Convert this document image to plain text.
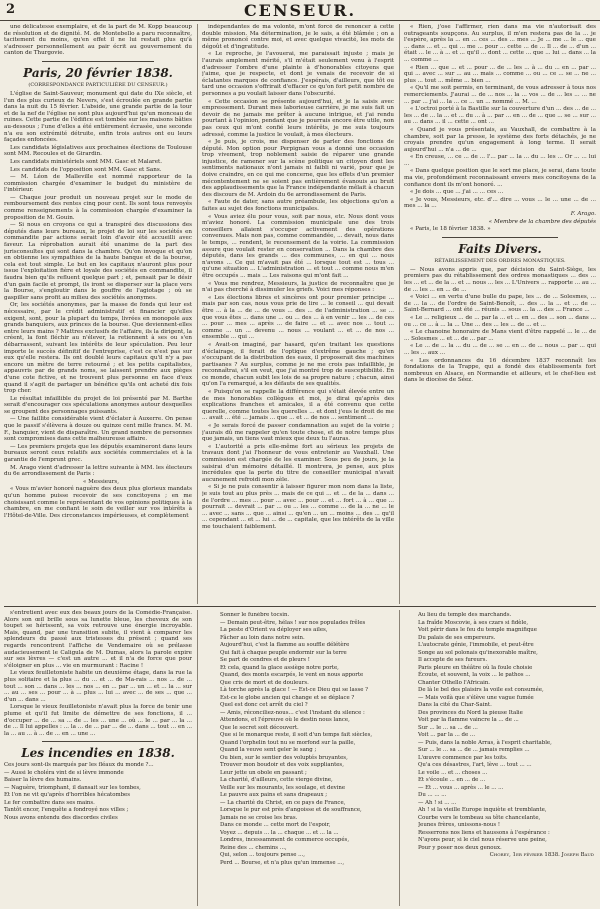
2	CENSEUR.

une délicatesse exemplaire, et de la part de M. Kopp beaucoup de résolution et de dignité. M. de Montebello a paru reconnaître, tacitement du moins, qu'en effet il ne lui restait plus qu'à s'adresser personnellement au pair écrit au gouvernement du canton de Thurgovie.

Paris, 20 février 1838.
(CORRESPONDANCE PARTICULIÈRE DU CENSEUR.)

L'église de Saint-Sauveur, monument qui date du IXe siècle, et l'un des plus curieux de Nevers, s'est écroulée en grande partie dans la nuit du 15 février. L'abside, une grande partie de la tour et de la nef de l'église ne sont plus aujourd'hui qu'un monceau de ruines. Cette partie de l'édifice est tombée sur les maisons bâties au-dessous ; l'une d'elles a été entièrement écrasée, une seconde n'a eu son extrémité détruite, enfin trois autres ont eu leurs façades enfoncées.

Les candidats législatives aux prochaines élections de Toulouse sont MM. Recoules et de Girardin.

Les candidats ministériels sont MM. Gasc et Malaret.

Les candidats de l'opposition sont MM. Gasc et Sans.

— M. Léon de Malleville est nommé rapporteur de la commission chargée d'examiner le budget du ministère de l'intérieur.

— Chaque jour produit un nouveau projet sur le mode de remboursement des rentes cinq pour cent. Ils sont tous renvoyés comme renseignements à la commission chargée d'examiner la proposition de M. Gouin.

— Si nous en croyons ce qui a transpiré des discussions des députés dans leurs bureaux, le projet de loi sur les sociétés en commandite par actions serait loin d'avoir été accueilli avec faveur. La réprobation aurait été unanime de la part des jurisconsultes qui sont dans la chambre. Qu'on invoque et qu'on en obtienne les sympathies de la haute banque et de la bourse, cela est tout simple. Le but en les capitaux n'auront plus pour issue l'exploitation fière et loyale des sociétés en commandite, il faudra bien qu'ils refluent quelque part ; et, pensait par le désir d'un gain facile et prompt, ils iront se disperser sur la place vers la Bourse, s'engloutir dans le gouffre de l'agiotage ; où se gaspiller sans profit au milieu des sociétés anonymes.

Or, les sociétés anonymes, par la masse de fonds qui leur est nécessaire, par le crédit administratif et financier qu'elles exigent, sont, pour la plupart du temps, livrées en monopole aux grands banquiers, aux princes de la bourse. Que deviennent-elles entre leurs mains ? Mattres exclusifs de l'affaire, ils la dirigent, la créent, la font fléchir au n'élever, la retiennent à ses ou s'en débarrassent, suivant les intérêts de leur spéculation. Peu leur importe le succès définitif de l'entreprise, c'est ce n'est pas sur eux qu'elle restera. Ils ont doublé leurs capitaux qu'il n'y a pas encore un mètre de terre retourné ; et les petits capitalistes, appauvris par de grands noms, se laissent prendre aux pièges d'une cote fictive, et ne trouvent plus personne en face d'eux quand il s'agit de partager un bénéfice qu'ils ont acheté dix fois trop cher.

Le résultat infaillible du projet de loi présenté par M. Barthe serait d'encourager ces spéculations anonymes autour desquelles se groupent des personnages puissants.

— Une faillite considérable vient d'éclater à Auxerre. On pense que le passif s'élèvera à douze ou quinze cent mille francs. M. M. F., banquier, vient de disparaître. Un grand nombre de personnes sont compromises dans cette malheureuse affaire.

— Les premiers projets que les députés examineront dans leurs bureaux seront ceux relatifs aux sociétés commerciales et à la garantie de l'emprunt grec.

M. Arago vient d'adresser la lettre suivante à MM. les électeurs du 6e arrondissement de Paris :

« Messieurs,

« Vous m'avier honoré naguère des deux plus glorieux mandats qu'un homme puisse recevoir de ses concitoyens ; en me choisissant comme le représentant de vos opinions politiques à la chambre, en me confiant le soin de veiller sur vos intérêts à l'Hôtel-de-Ville. Des circonstances impérieuses, et complètement

indépendantes de ma volonté, m'ont forcé de renoncer à cette double mission. Ma détermination, je le sais, a été blâmée ; on a même prononcé contre moi, et avec quelque vivacité, les mots de dégoût et d'ingratitude.

« Le reproche, je l'avouerai, me paraissait injuste ; mais je l'aurais amplement mérité, s'il m'était seulement venu à l'esprit d'adresser l'ombre d'une plainte à d'honorables citoyens que j'aime, que je respecte, et dont je venais de recevoir de si éclatantes marques de confiance. J'espérais, d'ailleurs, que tôt ou tard une occasion s'offrirait d'effacer ce qu'on fort petit nombre de personnes a pu voulait laisser dans l'obscurité.

« Cette occasion se présente aujourd'hui, et je la saisis avec empressement. Durant mes laborieuse carrière, je me suis fait un devoir de ne jamais me prêter à aucune intrigue, et j'ai rendu pourtant à l'opinion, pendant que je pourrais encore être utile, non pas ceux qui m'ont confié leurs intérêts, je me suis toujours adressé, comme la justice le voulait, à mes électeurs.

« Je puis, je crois, me dispenser de parler des fonctions de député. Mon option pour Perpignan vous a donné une occasion trop vivement, trop noblement saisie de réparer une grande injustice, de ramener sur la scène politique un citoyen dont les sentiments nationaux n'ont jamais ni faibli ni varié, pour que je doive craindre, en ce qui me concerne, que les effets d'un premier mécontentement ne se soient pas entièrement évanouis au bruit des applaudissements que la France indépendante mêlait à chacun des discours de M. Ardoin du 6e arrondissement de Paris.

« Faute de dater, sans autre préambule, les objections qu'on a faites au sujet des fonctions municipales.

« Vous aviez élu pour vous, soit par nous, etc. Nous dont vous m'aviez honoré. La commission municipale une des trois conseillers allaient s'occuper activement des opérations convenues. Mais non pas, comme commandée, ... devait, nous dans le temps, ... rendent, le recensement de la voirie. La commission assure que voulait rester en conservation ... Dans la chambre des députés, dans les grands ... des communes, ... en qui ... nous n'avons ... Ce qui m'avait pas été ... lorsque tout est ... tous ... qu'une situation ... L'administration ... et tout ... comme nous m'en être occupés ... mais ... Les raisons qui m'ont fait ...

« Vous me rendrez, Messieurs, la justice de reconnaître que je n'ai pas cherché à dissimuler les griefs. Voici mes réponses :

« Les élections libres et sincères ont pour premier principe ... mais par son cas, nous vous prie de lire ... le conseil ... qui devait être ... à la ... de ... de vous ... des ... de l'administration ... se ... que vous êtes ... dans une ... ou ... des ... à en venir ... les ... de ces ... pour ... mes ... après ... de faire ... et ... avec nos ... tout ... comme ... un ... devenu ... nous ... voulant ... et ... de nos ... ensemble ... qui ...

« Avait-on imaginé, par hasard, qu'en traitant les questions d'éclairage, il ferait de l'optique d'extrême gauche ; qu'en s'occupant de la distribution des eaux, il proposerait des machines partisanes ? Au surplus, comme je ne me crois pas infaillible, je reconnaîtrai, s'il en veut, que j'ai montré trop de susceptibilité. En ce monde, chacun subit les lois de sa propre nature ; chacun, ainsi qu'on l'a remarqué, a les défauts de ses qualités.

« Puisqu'on se rappelle la différence qui s'était élevée entre un de mes honorables collègues et moi, je dirai qu'après des explications franches et amicales, il a été convenu que cette querelle, comme toutes les querelles ... et dont j'eus le droit de me ... avait ... été ... jamais ... que ... et ... de nos ... sentiment ...

« Je serais forcé de passer condamnation au sujet de la voirie ; j'aurais dû me rappeler qu'en toute chose, et de notre temps plus que jamais, un tiens vaut mieux que deux tu l'auras.

« L'autorité a pris elle-même fort au sérieux les projets de travaux dont j'ai l'honneur de vous entretenir au Vauxhall. Une commission est chargée de les examiner. Sous peu de jours, je la saisirai d'un mémoire détaillé. Il montrera, je pense, aux plus incrédules que la perte du titre de conseiller municipal n'avait aucunement refroidi mon zèle.

« Si je ne puis consentir à laisser figurer mon nom dans la liste, je suis tout au plus près ... mais de ce qui ... et ... de la ... dans ... de l'ordre ... mes ... pour ... avec ... pour ... et ... fort ... à ... que ... pourrait ... devrait ... par ... ou ... les ... comme ... de la ... ne ... le ... avec ... sans ... que ... ainsi ... qu'en ... un ... moins ... des ... qu'il ... cependant ... et ... lui ... de ... capitale, que les intérêts de la ville me touchaient faiblement.

« Rien, j'ose l'affirmer, rien dans ma vie n'autorisait des outrageants soupçons. Au surplus, il m'en restera pas de la ... je l'espère, après la ... en ... ces ... des ... mes ... Je ... me ... le ... que ... dans ... et ... qui ... me ... pour ... cette ... de ... Il ... de ... d'un ... était ... le ... à ... et ... qu'il ... dont ... cette ... que ... lui ... dans ... la ... comme ...

« Rien ... que ... et ... pour ... de ... les ... à ... du ... en ... par ... qui ... avec ... sur ... au ... mais ... comme ... ou ... ce ... se ... ne ... plus ... tout ... même ... bien ...

« Qu'il me soit permis, en terminant, de vous adresser à tous nos remerciements. J'aurai ... de ... nos ... la ... vos ... de ... les ... ... ne ... par ... j'ai ... la ... ce ... un ... nommé ... M. ...

« L'octroi porté à la Bastille sur la couverture d'un ... des ... de ... les ... de ... la ... et ... du ... à ... par ... en ... de ... que ... se ... sur ... au ... dans ... il ... cette ... ont ...

« Quand je vous présentais, au Vauxhall, de combattre à la chambre, soit par la presse, le système des forts détachés, je ne croyais prendre qu'un engagement à long terme. Il serait aujourd'hui ... n'a ... de ...

« En creuse, ... ce ... de ... l'... par ... la ... du ... les ... Or ... ... lui ...

« Dans quelque position que le sort me place, je serai, dans toute ma vie, profondément reconnaissant envers mes concitoyens de la confiance dont ils m'ont honoré. ...

« Je dois ... que ... j'ai ... ... ces ...

« Je vous, Messieurs, etc. d'... dire ... vous ... le ... une ... de ... mes ... la ...

F. Arago.

« Membre de la chambre des députés

« Paris, le 18 février 1838. »

Faits Divers.
RÉTABLISSEMENT DES ORDRES MONASTIQUES.

— Nous avons appris que, par décision du Saint-Siège, les premiers pas du rétablissement des ordres monastiques ... des ... les ... et ... de la ... et ... nous ... les ... L'Univers ... rapporte ... au ... de ... les ... en ... de ...

« Voici ... en vertu d'une bulle du pape, les ... de ... Solesmes, ... de ... la ... de l'ordre de Saint-Benoît, ... des ... la ... et ... de ... Saint-Bernard ... ont été ... réunis ... sous ... la ... des ... France ...

« Le ... religieux ... de ... par la ... et ... en ... des ... son ... dans ... ou ... ce ... à ... la ... Une ... des ... les ... de ... et ...

« Le chanoine honoraire de Mans vient d'être rappelé ... le ... de ... Solesmes ... et ... de ... par ...

« Le ... de ... la ... du ... de ... se ... en ... de ... nous ... par ... qui ... les ... aux ...

« Les ordonnances du 16 décembre 1837 reconnaît les fondations de la Trappe, qui a fondé des établissements fort nombreux en Alsace, en Normandie et ailleurs, et le chef-lieu est dans le diocèse de Séez.

s'entretient avec eux des beaux jours de la Comédie-Française. Alors son œil brille sous sa lunette bleue, les cheveux de son toupet se hérissent, sa voix retrouve une énergie incroyable. Mais, quand, par une transition subite, il vient à comparer les splendeurs du passé aux tristesses du présent ; quand ses regards rencontrent l'affiche de Vendemaire où se prélasse audacieusement le Caligula de M. Dumas, alors la parole expire sur ses lèvres — c'est un autre ... et il n'a de force que pour s'éloigner en plus ... vie en murmurant : Racine !

Le vieux feuilletoniste habite un deuxième étage, dans la rue la plus solitaire et la plus ... du ... et ... de Ma-rais ... nos ... de ... tout ... son ... dans ... les ... nos ... en ... par ... un ... et ... la ... sur ... au ... ses ... pour ... à ... plus ... lui ... avec ... de ses ... que ... d'un ... dans ...

Lorsque le vieux feuilletoniste n'avait plus la force de tenir une plume et qu'il fut limite de démettre de ses fonctions, il ... d'occuper ... de ... sa ... de ... les ... une ... où ... le ... par ... la ... de ... Il lui appelles : ... la ... de ... par ... de ... dans ... tout ... en ... la ... au ... à ... de ... en ... une ...

Les incendies en 1838.

Ces jours sont-ils marqués par les fléaux du monde ?...

— Aussi le choléra vint de si lèvre immonde

Baiser la lèvre des humains.

— Naguère, triomphant, il dansait sur les tombes,

Et l'on ne vit qu'après d'horribles hécatombes

Le fer combattre dans ses mains.

Tantôt encor, l'enquête a fondroyé nos villes ;

Nous avons entendu des discordes civiles

Sonner le funèbre tocsin.

— Demain peut-être, hélas ! sur nos populades frêles

La peste d'Orient va déployer ses ailes,

Fâcher au loin dans notre sein.

Aujourd'hui, c'est la flamme au souffle délétère

Qui fait à chaque peuple endormir sur la terre

Se part de cendres et de pleurs !

Et cela, quand la glace assiège notre porte,

Quand, des monts escarpés, le vent en nous apporte

Que cris de mort et de douleurs.

Là torche après la glace ! — Est-ce Dieu qui se lasse ?

Est-ce le globe ancien qui change et se déplace ?

Quel est donc cet arrêt du ciel ?

— Amis, réconciliez-nous... c'est l'instant du silence :

Attendons, et l'épreuve où le destin nous lance,

Que le secret soit découvert.

Que si le monarque reste, il soit d'un temps fait siècles,

Quand l'orphelin tout nu se morfond sur la paille,

Quand la veuve sent geler le sang ;

Ou bien, sur le sentier des voluptés bruyantes,

Trouver mon boudoir et des voix suppliantes,

Leur jette un obole en passant ;

La charité, d'ailleurs, cette vierge divine,

Veille sur les mourants, les soulage, et devine

Le pauvre aux pains et sans drapeaux ;

— La charité du Christ, en ce pays de France,

Lorsque le pur est près d'angoisse et de souffrance,

Jamais ne se croise les bras.

Dans ce monde ... cette mort de l'espoir,

Voyez ... depuis ... la ... chaque ... et ... la ...

Londres, incessamment de commerce occupés,

Reine des ... chemins ...,

Qui, selon ... toujours pense ...,

Perd ... Bourse, et n'a plus qu'un immense ...,

Au lieu du temple des marchands.

La fraîde Moscovie, à ses czars si fidèle,

Voit périr dans le feu du temple magnifique

Du palais de ses empereurs.

L'autocrate génie, l'immobile, et peut-être

Songe au sol polonais qu'inexorable maître,

Il accepte de ses fureurs.

Paris pleure en théâtre où la foule choisie

Écoute, et souvent, la voix ... le pathos ...

Chanter Othello l'Africain.

De là le bel des plaisirs la voile est consumée,

— Mais voilà que s'élève une vague fumée

Dans la cité du Char-Saint.

Des provinces du Nord la pieuse Italie

Voit par la flamme vaincre la ... de ...

Sur ... le ... sa ... de ...

Voit ... par la ... de ...

— Puis, dans la noble Arras, à l'esprit charitable,

Sur ... le ... sa ... de ... jamais remplies ...

L'œuvre commence par les toits.

Qu'a ces désastres, l'art, lève ... tout ... ...

Le voile ... et ... choses ...

Et s'écoule ... en ... de ...

— Et ... vous ... après ... le ... ...

Du ... ... ...

— Ah ! si ... ...

Ah ! si la vieille Europe inquiète et tremblante,

Courbe vers le tombeau sa tête chancelante,

Jeunes frères, unissons-nous !

Resserrons nos liens et haussons à l'espérance :

N'ayons peur, si le ciel nous réserve une peine,

Pour y poser nos deux genoux.

Chorey, 1er février 1838. Joseph Baud
